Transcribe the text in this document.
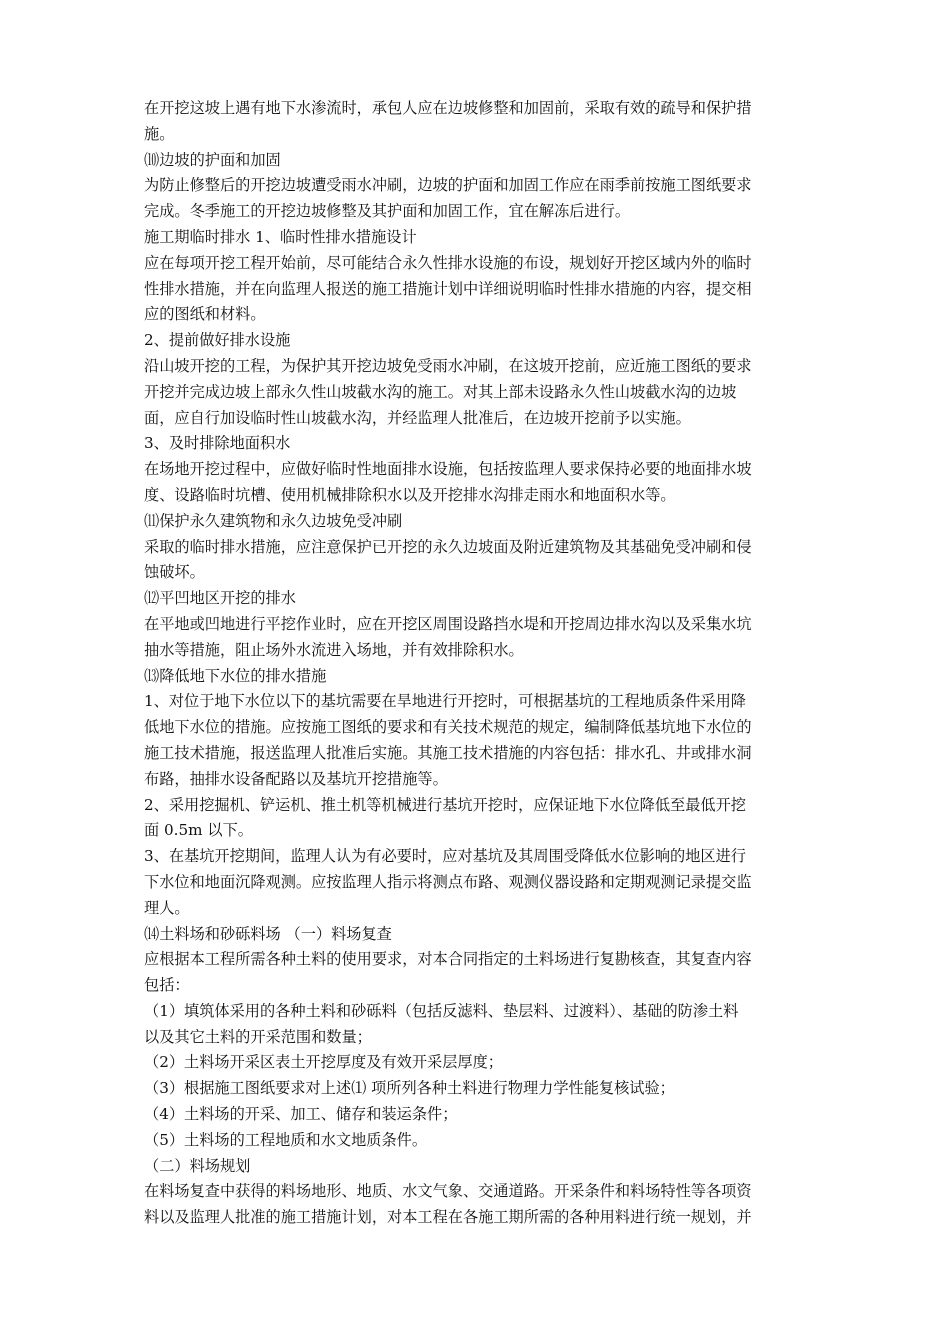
在开挖这坡上遇有地下水渗流时，承包人应在边坡修整和加固前，采取有效的疏导和保护措

施。

⑽边坡的护面和加固

为防止修整后的开挖边坡遭受雨水冲刷，边坡的护面和加固工作应在雨季前按施工图纸要求

完成。冬季施工的开挖边坡修整及其护面和加固工作，宜在解冻后进行。

施工期临时排水 1、临时性排水措施设计

应在每项开挖工程开始前，尽可能结合永久性排水设施的布设，规划好开挖区域内外的临时

性排水措施，并在向监理人报送的施工措施计划中详细说明临时性排水措施的内容，提交相

应的图纸和材料。

2、提前做好排水设施

沿山坡开挖的工程，为保护其开挖边坡免受雨水冲刷，在这坡开挖前，应近施工图纸的要求

开挖并完成边坡上部永久性山坡截水沟的施工。对其上部未设路永久性山坡截水沟的边坡

面，应自行加设临时性山坡截水沟，并经监理人批准后，在边坡开挖前予以实施。

3、及时排除地面积水

在场地开挖过程中，应做好临时性地面排水设施，包括按监理人要求保持必要的地面排水坡

度、设路临时坑槽、使用机械排除积水以及开挖排水沟排走雨水和地面积水等。

⑾保护永久建筑物和永久边坡免受冲刷

采取的临时排水措施，应注意保护已开挖的永久边坡面及附近建筑物及其基础免受冲刷和侵

蚀破坏。

⑿平凹地区开挖的排水

在平地或凹地进行平挖作业时，应在开挖区周围设路挡水堤和开挖周边排水沟以及采集水坑

抽水等措施，阻止场外水流进入场地，并有效排除积水。

⒀降低地下水位的排水措施

1、对位于地下水位以下的基坑需要在旱地进行开挖时，可根据基坑的工程地质条件采用降

低地下水位的措施。应按施工图纸的要求和有关技术规范的规定，编制降低基坑地下水位的

施工技术措施，报送监理人批准后实施。其施工技术措施的内容包括：排水孔、井或排水洞

布路，抽排水设备配路以及基坑开挖措施等。

2、采用挖掘机、铲运机、推土机等机械进行基坑开挖时，应保证地下水位降低至最低开挖

面 0.5m 以下。

3、在基坑开挖期间，监理人认为有必要时，应对基坑及其周围受降低水位影响的地区进行

下水位和地面沉降观测。应按监理人指示将测点布路、观测仪器设路和定期观测记录提交监

理人。

⒁土料场和砂砾料场 （一）料场复查

应根据本工程所需各种土料的使用要求，对本合同指定的土料场进行复勘核查，其复查内容

包括：

（1）填筑体采用的各种土料和砂砾料（包括反滤料、垫层料、过渡料）、基础的防渗土料

以及其它土料的开采范围和数量；

（2）土料场开采区表土开挖厚度及有效开采层厚度；

（3）根据施工图纸要求对上述⑴ 项所列各种土料进行物理力学性能复核试验；

（4）土料场的开采、加工、储存和装运条件；

（5）土料场的工程地质和水文地质条件。

（二）料场规划

在料场复查中获得的料场地形、地质、水文气象、交通道路。开采条件和料场特性等各项资

料以及监理人批准的施工措施计划，对本工程在各施工期所需的各种用料进行统一规划，并
